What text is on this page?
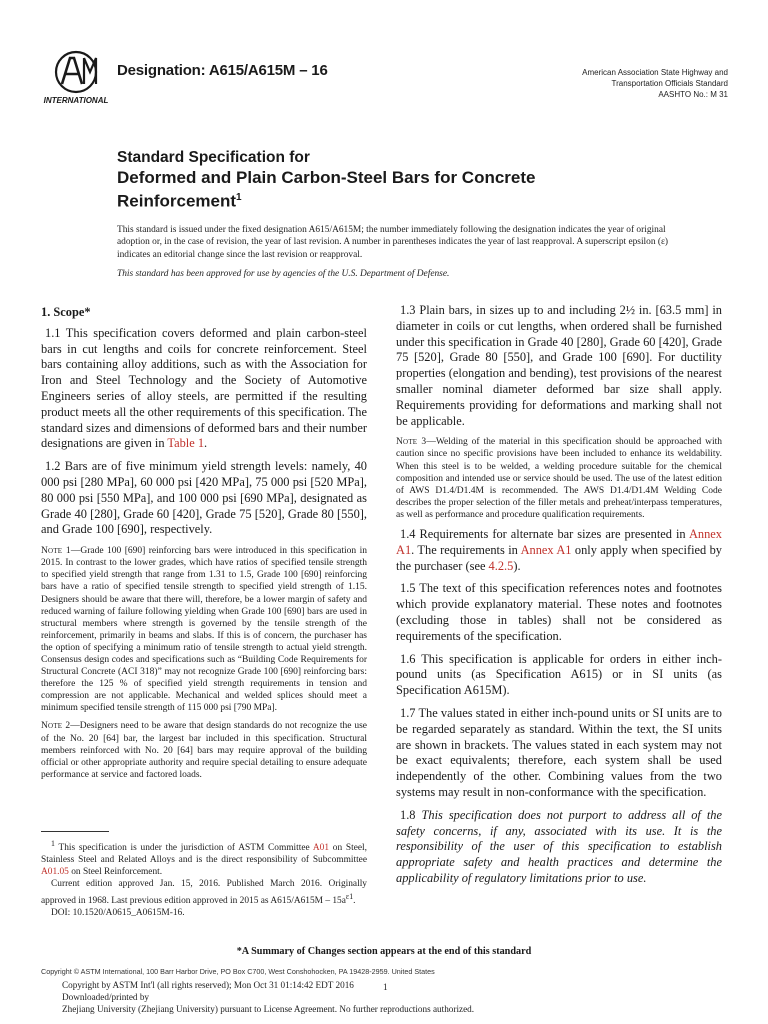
INTERNATIONAL
Designation: A615/A615M – 16	American Association State Highway and
Transportation Officials Standard
AASHTO No.: M 31
Standard Specification for
Deformed and Plain Carbon-Steel Bars for Concrete
Reinforcement$^1$
This standard is issued under the fixed designation A615/A615M; the number immediately following the designation indicates the year of original adoption or, in the case of revision, the year of last revision. A number in parentheses indicates the year of last reapproval. A superscript epsilon (ε) indicates an editorial change since the last revision or reapproval.
This standard has been approved for use by agencies of the U.S. Department of Defense.

1. Scope*

1.1 This specification covers deformed and plain carbon-steel bars in cut lengths and coils for concrete reinforcement. Steel bars containing alloy additions, such as with the Association for Iron and Steel Technology and the Society of Automotive Engineers series of alloy steels, are permitted if the resulting product meets all the other requirements of this specification. The standard sizes and dimensions of deformed bars and their number designations are given in Table 1.

1.2 Bars are of five minimum yield strength levels: namely, 40 000 psi [280 MPa], 60 000 psi [420 MPa], 75 000 psi [520 MPa], 80 000 psi [550 MPa], and 100 000 psi [690 MPa], designated as Grade 40 [280], Grade 60 [420], Grade 75 [520], Grade 80 [550], and Grade 100 [690], respectively.

Note 1—Grade 100 [690] reinforcing bars were introduced in this specification in 2015. In contrast to the lower grades, which have ratios of specified tensile strength to specified yield strength that range from 1.31 to 1.5, Grade 100 [690] reinforcing bars have a ratio of specified tensile strength to specified yield strength of 1.15. Designers should be aware that there will, therefore, be a lower margin of safety and reduced warning of failure following yielding when Grade 100 [690] bars are used in structural members where strength is governed by the tensile strength of the reinforcement, primarily in beams and slabs. If this is of concern, the purchaser has the option of specifying a minimum ratio of tensile strength to actual yield strength. Consensus design codes and specifications such as “Building Code Requirements for Structural Concrete (ACI 318)” may not recognize Grade 100 [690] reinforcing bars: therefore the 125 % of specified yield strength requirements in tension and compression are not applicable. Mechanical and welded splices should meet a minimum specified tensile strength of 115 000 psi [790 MPa].

Note 2—Designers need to be aware that design standards do not recognize the use of the No. 20 [64] bar, the largest bar included in this specification. Structural members reinforced with No. 20 [64] bars may require approval of the building official or other appropriate authority and require special detailing to ensure adequate performance at service and factored loads.

$^1$ This specification is under the jurisdiction of ASTM Committee A01 on Steel, Stainless Steel and Related Alloys and is the direct responsibility of Subcommittee A01.05 on Steel Reinforcement.

Current edition approved Jan. 15, 2016. Published March 2016. Originally approved in 1968. Last previous edition approved in 2015 as $A615/A615M - 15a^{\varepsilon 1}$.

DOI: 10.1520/A0615_A0615M-16.

1.3 Plain bars, in sizes up to and including 2½ in. [63.5 mm] in diameter in coils or cut lengths, when ordered shall be furnished under this specification in Grade 40 [280], Grade 60 [420], Grade 75 [520], Grade 80 [550], and Grade 100 [690]. For ductility properties (elongation and bending), test provisions of the nearest smaller nominal diameter deformed bar size shall apply. Requirements providing for deformations and marking shall not be applicable.

Note 3—Welding of the material in this specification should be approached with caution since no specific provisions have been included to enhance its weldability. When this steel is to be welded, a welding procedure suitable for the chemical composition and intended use or service should be used. The use of the latest edition of AWS D1.4/D1.4M is recommended. The AWS D1.4/D1.4M Welding Code describes the proper selection of the filler metals and preheat/interpass temperatures, as well as performance and procedure qualification requirements.

1.4 Requirements for alternate bar sizes are presented in Annex A1. The requirements in Annex A1 only apply when specified by the purchaser (see 4.2.5).

1.5 The text of this specification references notes and footnotes which provide explanatory material. These notes and footnotes (excluding those in tables) shall not be considered as requirements of the specification.

1.6 This specification is applicable for orders in either inch-pound units (as Specification A615) or in SI units (as Specification A615M).

1.7 The values stated in either inch-pound units or SI units are to be regarded separately as standard. Within the text, the SI units are shown in brackets. The values stated in each system may not be exact equivalents; therefore, each system shall be used independently of the other. Combining values from the two systems may result in non-conformance with the specification.

1.8 This specification does not purport to address all of the safety concerns, if any, associated with its use. It is the responsibility of the user of this specification to establish appropriate safety and health practices and determine the applicability of regulatory limitations prior to use.

*A Summary of Changes section appears at the end of this standard
Copyright © ASTM International, 100 Barr Harbor Drive, PO Box C700, West Conshohocken, PA 19428-2959. United States
Copyright by ASTM Int'l (all rights reserved); Mon Oct 31 01:14:42 EDT 2016
Downloaded/printed by
Zhejiang University (Zhejiang University) pursuant to License Agreement. No further reproductions authorized.
1
